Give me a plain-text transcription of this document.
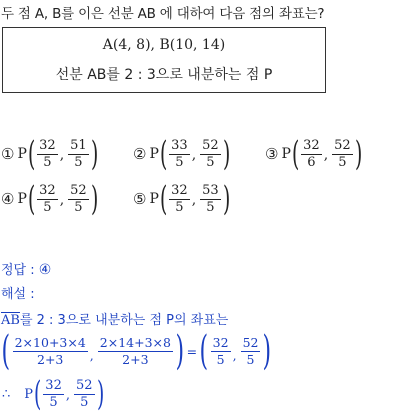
두 점 A, B를 이은 선분 AB 에 대하여 다음 점의 좌표는?
A(4, 8), B(10, 14)
선분 AB를 2 : 3으로 내분하는 점 P
① P ( $\frac{32}{5}$ , $\frac{51}{5}$ ) ② P ( $\frac{33}{5}$ , $\frac{52}{5}$ ) ③ P ( $\frac{32}{6}$ , $\frac{52}{5}$ )
④ P ( $\frac{32}{5}$ , $\frac{52}{5}$ ) ⑤ P ( $\frac{32}{5}$ , $\frac{53}{5}$ )
정답 : ④
해설 :
$\overline{AB}$를 2 : 3으로 내분하는 점 P의 좌표는
( $\frac{2\times 10+3\times 4}{2+3}$ , $\frac{2\times 14+3\times 8}{2+3}$ ) = ( $\frac{32}{5}$ , $\frac{52}{5}$ )
∴ P ( $\frac{32}{5}$ , $\frac{52}{5}$ )
